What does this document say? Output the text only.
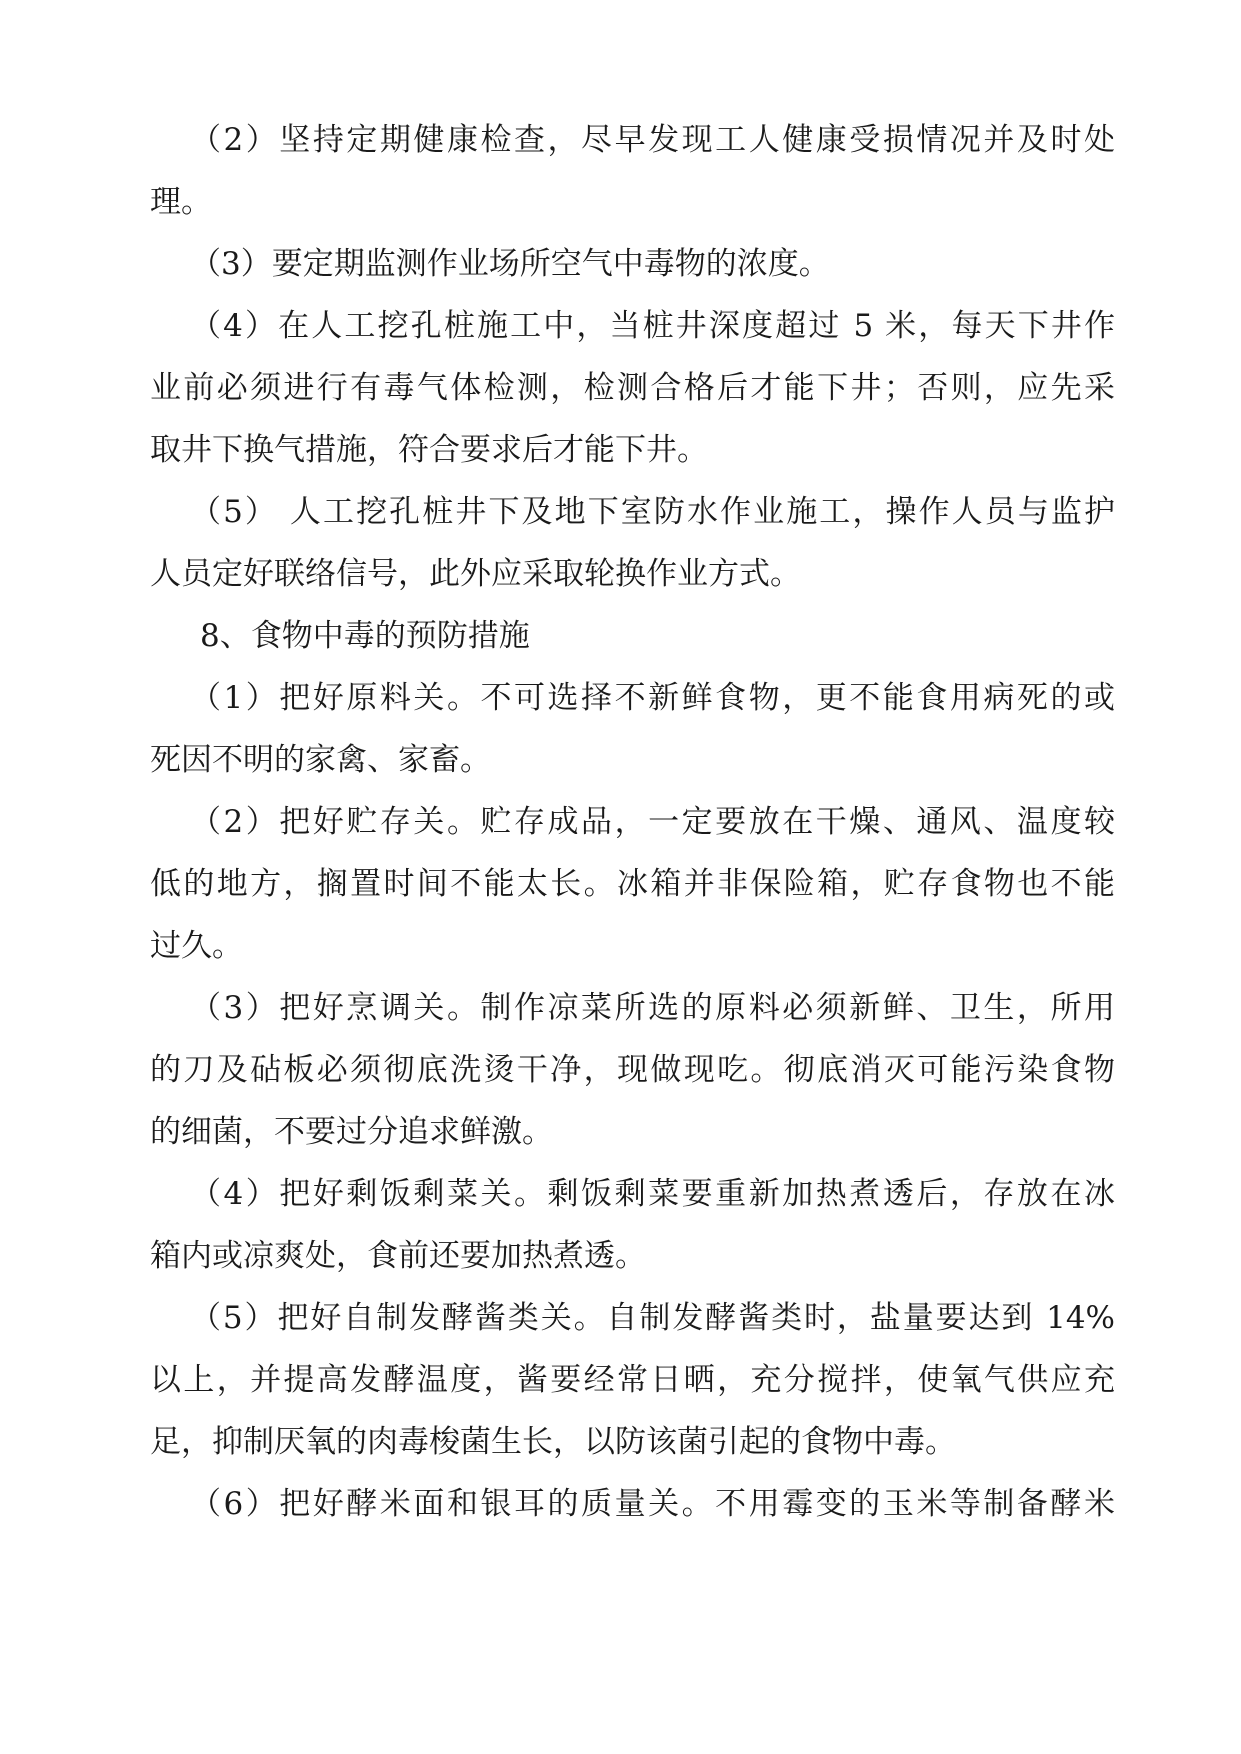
（2）坚持定期健康检查，尽早发现工人健康受损情况并及时处
理。
（3）要定期监测作业场所空气中毒物的浓度。
（4）在人工挖孔桩施工中，当桩井深度超过 5 米，每天下井作
业前必须进行有毒气体检测，检测合格后才能下井；否则，应先采
取井下换气措施，符合要求后才能下井。
（5） 人工挖孔桩井下及地下室防水作业施工，操作人员与监护
人员定好联络信号，此外应采取轮换作业方式。
8、食物中毒的预防措施
（1）把好原料关。不可选择不新鲜食物，更不能食用病死的或
死因不明的家禽、家畜。
（2）把好贮存关。贮存成品，一定要放在干燥、通风、温度较
低的地方，搁置时间不能太长。冰箱并非保险箱，贮存食物也不能
过久。
（3）把好烹调关。制作凉菜所选的原料必须新鲜、卫生，所用
的刀及砧板必须彻底洗烫干净，现做现吃。彻底消灭可能污染食物
的细菌，不要过分追求鲜激。
（4）把好剩饭剩菜关。剩饭剩菜要重新加热煮透后，存放在冰
箱内或凉爽处，食前还要加热煮透。
（5）把好自制发酵酱类关。自制发酵酱类时，盐量要达到 14%
以上，并提高发酵温度，酱要经常日晒，充分搅拌，使氧气供应充
足，抑制厌氧的肉毒梭菌生长，以防该菌引起的食物中毒。
（6）把好酵米面和银耳的质量关。不用霉变的玉米等制备酵米
